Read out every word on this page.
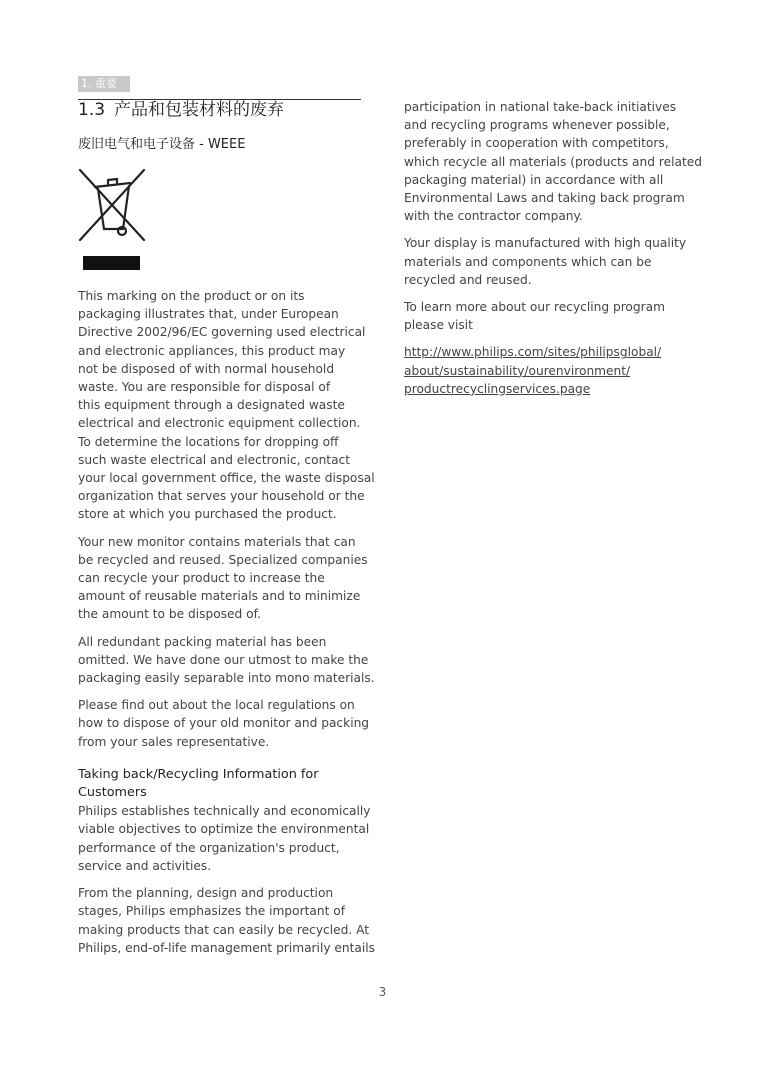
1. 重要
1.3 产品和包装材料的废弃
废旧电气和电子设备 - WEEE

This marking on the product or on its
packaging illustrates that, under European
Directive 2002/96/EC governing used electrical
and electronic appliances, this product may
not be disposed of with normal household
waste. You are responsible for disposal of
this equipment through a designated waste
electrical and electronic equipment collection.
To determine the locations for dropping off
such waste electrical and electronic, contact
your local government office, the waste disposal
organization that serves your household or the
store at which you purchased the product.

Your new monitor contains materials that can
be recycled and reused. Specialized companies
can recycle your product to increase the
amount of reusable materials and to minimize
the amount to be disposed of.

All redundant packing material has been
omitted. We have done our utmost to make the
packaging easily separable into mono materials.

Please find out about the local regulations on
how to dispose of your old monitor and packing
from your sales representative.

Taking back/Recycling Information for
Customers

Philips establishes technically and economically
viable objectives to optimize the environmental
performance of the organization's product,
service and activities.

From the planning, design and production
stages, Philips emphasizes the important of
making products that can easily be recycled. At
Philips, end-of-life management primarily entails

participation in national take-back initiatives
and recycling programs whenever possible,
preferably in cooperation with competitors,
which recycle all materials (products and related
packaging material) in accordance with all
Environmental Laws and taking back program
with the contractor company.

Your display is manufactured with high quality
materials and components which can be
recycled and reused.

To learn more about our recycling program
please visit

http://www.philips.com/sites/philipsglobal/
about/sustainability/ourenvironment/
productrecyclingservices.page

3
